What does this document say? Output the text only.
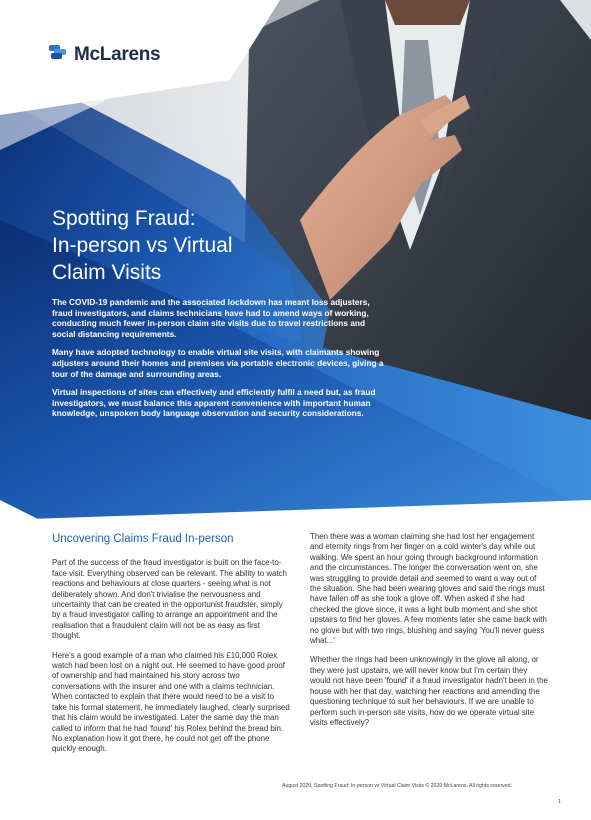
McLarens
Spotting Fraud:
In-person vs Virtual
Claim Visits

The COVID-19 pandemic and the associated lockdown has meant loss adjusters, fraud investigators, and claims technicians have had to amend ways of working, conducting much fewer in-person claim site visits due to travel restrictions and social distancing requirements.

Many have adopted technology to enable virtual site visits, with claimants showing adjusters around their homes and premises via portable electronic devices, giving a tour of the damage and surrounding areas.

Virtual inspections of sites can effectively and efficiently fulfil a need but, as fraud investigators, we must balance this apparent convenience with important human knowledge, unspoken body language observation and security considerations.

Uncovering Claims Fraud In-person

Part of the success of the fraud investigator is built on the face-to-face visit. Everything observed can be relevant. The ability to watch reactions and behaviours at close quarters - seeing what is not deliberately shown. And don't trivialise the nervousness and uncertainty that can be created in the opportunist fraudster, simply by a fraud investigator calling to arrange an appointment and the realisation that a fraudulent claim will not be as easy as first thought.

Here's a good example of a man who claimed his £10,000 Rolex watch had been lost on a night out. He seemed to have good proof of ownership and had maintained his story across two conversations with the insurer and one with a claims technician. When contacted to explain that there would need to be a visit to take his formal statement, he immediately laughed, clearly surprised that his claim would be investigated. Later the same day the man called to inform that he had 'found' his Rolex behind the bread bin. No explanation how it got there, he could not get off the phone quickly enough.

Then there was a woman claiming she had lost her engagement and eternity rings from her finger on a cold winter's day while out walking. We spent an hour going through background information and the circumstances. The longer the conversation went on, she was struggling to provide detail and seemed to want a way out of the situation. She had been wearing gloves and said the rings must have fallen off as she took a glove off. When asked if she had checked the glove since, it was a light bulb moment and she shot upstairs to find her gloves. A few moments later she came back with no glove but with two rings, blushing and saying 'You'll never guess what...'

Whether the rings had been unknowingly in the glove all along, or they were just upstairs, we will never know but I'm certain they would not have been 'found' if a fraud investigator hadn't been in the house with her that day, watching her reactions and amending the questioning technique to suit her behaviours. If we are unable to perform such in-person site visits, how do we operate virtual site visits effectively?

August 2020, Spotting Fraud: In-person vs Virtual Claim Visits © 2020 McLarens. All rights reserved.
1
